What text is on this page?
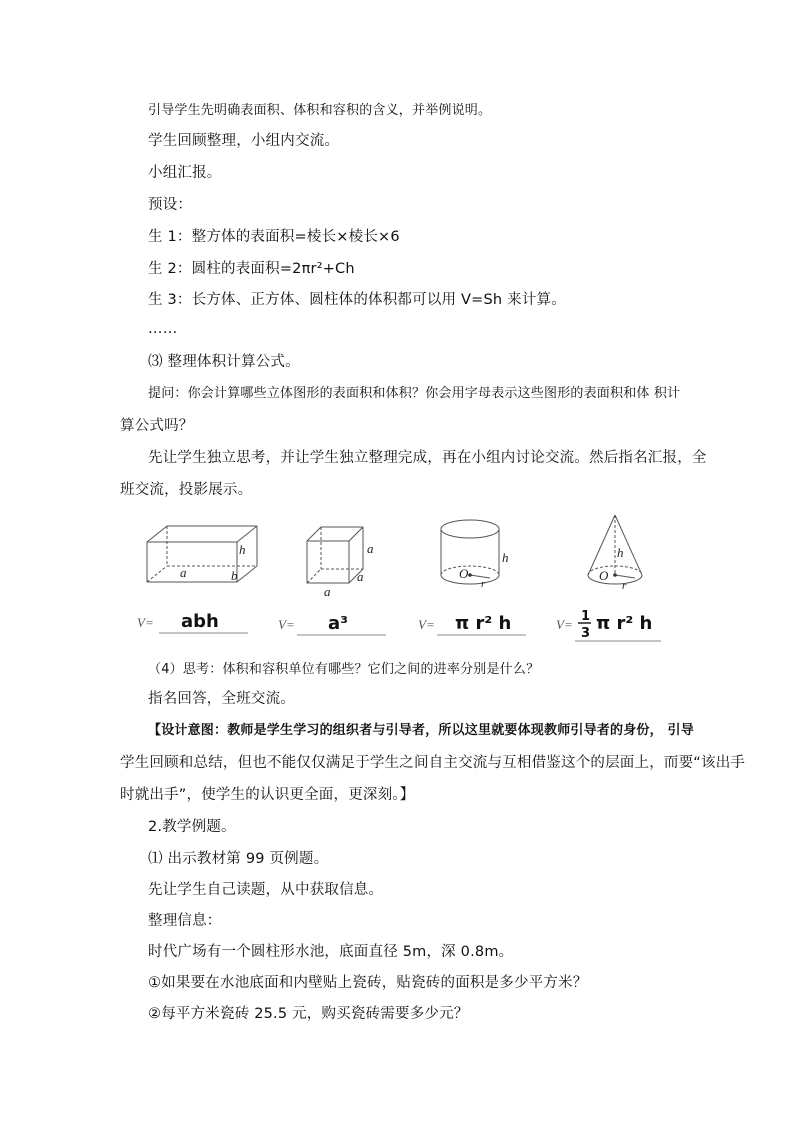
引导学生先明确表面积、体积和容积的含义，并举例说明。
学生回顾整理，小组内交流。
小组汇报。
预设：
生 1：整方体的表面积=棱长×棱长×6
生 2：圆柱的表面积=2πr²+Ch
生 3：长方体、正方体、圆柱体的体积都可以用 V=Sh 来计算。
……
⑶ 整理体积计算公式。
提问：你会计算哪些立体图形的表面积和体积？你会用字母表示这些图形的表面积和体 积计
算公式吗？
先让学生独立思考，并让学生独立整理完成，再在小组内讨论交流。然后指名汇报，全
班交流，投影展示。
h
a	b
a
a
a
h
O
r
h
O
r
V= abh	V= a³	V= π r² h	V=
1
3 π r² h
（4）思考：体积和容积单位有哪些？它们之间的进率分别是什么？
指名回答，全班交流。
【设计意图：教师是学生学习的组织者与引导者，所以这里就要体现教师引导者的身份， 引导
学生回顾和总结，但也不能仅仅满足于学生之间自主交流与互相借鉴这个的层面上，而要“该出手
时就出手”，使学生的认识更全面，更深刻。】
2.教学例题。
⑴ 出示教材第 99 页例题。
先让学生自己读题，从中获取信息。
整理信息：
时代广场有一个圆柱形水池，底面直径 5m，深 0.8m。
①如果要在水池底面和内壁贴上瓷砖，贴瓷砖的面积是多少平方米？
②每平方米瓷砖 25.5 元，购买瓷砖需要多少元？
